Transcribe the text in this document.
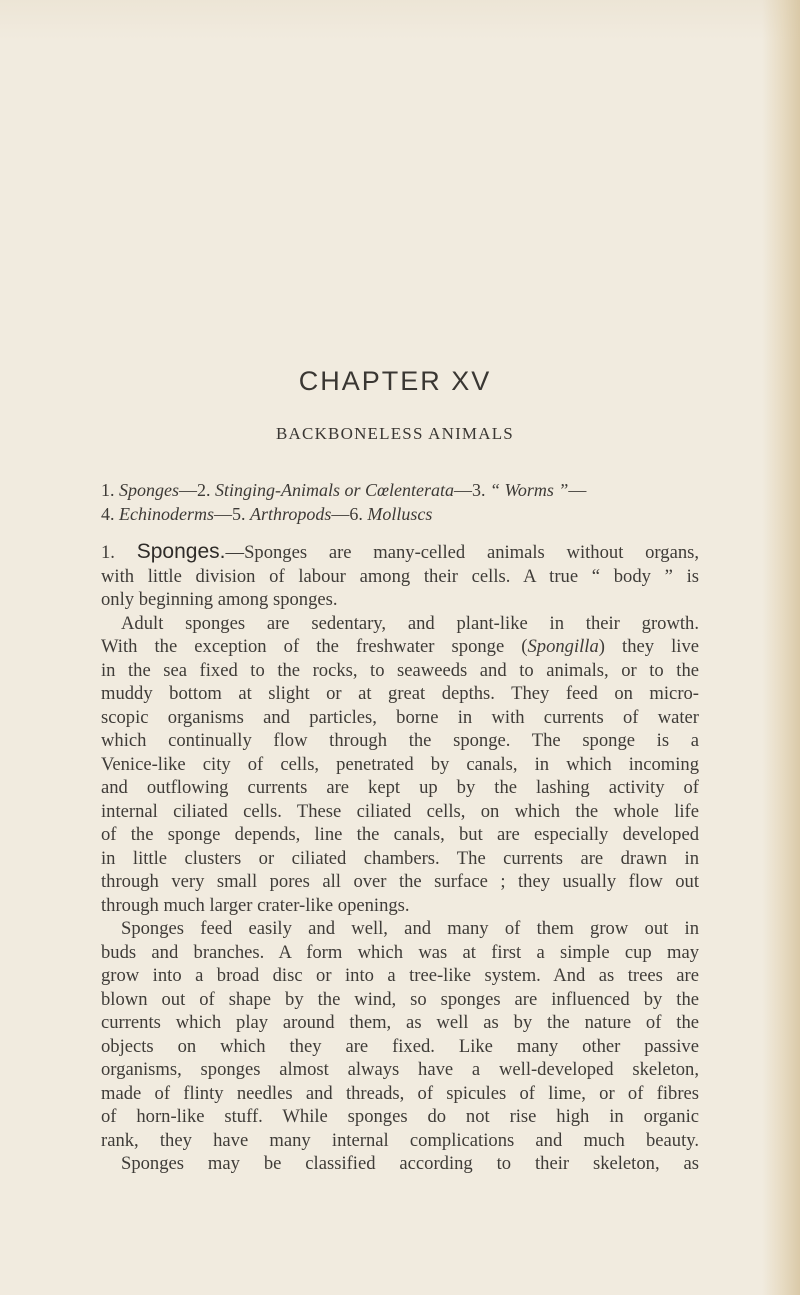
CHAPTER XV
BACKBONELESS ANIMALS
1. Sponges—2. Stinging-Animals or Cœlenterata—3. “ Worms ”—
4. Echinoderms—5. Arthropods—6. Molluscs
1. Sponges.—Sponges are many-celled animals without organs,
with little division of labour among their cells. A true “ body ” is
only beginning among sponges.
Adult sponges are sedentary, and plant-like in their growth.
With the exception of the freshwater sponge (Spongilla) they live
in the sea fixed to the rocks, to seaweeds and to animals, or to the
muddy bottom at slight or at great depths. They feed on micro-
scopic organisms and particles, borne in with currents of water
which continually flow through the sponge. The sponge is a
Venice-like city of cells, penetrated by canals, in which incoming
and outflowing currents are kept up by the lashing activity of
internal ciliated cells. These ciliated cells, on which the whole life
of the sponge depends, line the canals, but are especially developed
in little clusters or ciliated chambers. The currents are drawn in
through very small pores all over the surface ; they usually flow out
through much larger crater-like openings.
Sponges feed easily and well, and many of them grow out in
buds and branches. A form which was at first a simple cup may
grow into a broad disc or into a tree-like system. And as trees are
blown out of shape by the wind, so sponges are influenced by the
currents which play around them, as well as by the nature of the
objects on which they are fixed. Like many other passive
organisms, sponges almost always have a well-developed skeleton,
made of flinty needles and threads, of spicules of lime, or of fibres
of horn-like stuff. While sponges do not rise high in organic
rank, they have many internal complications and much beauty.
Sponges may be classified according to their skeleton, as
